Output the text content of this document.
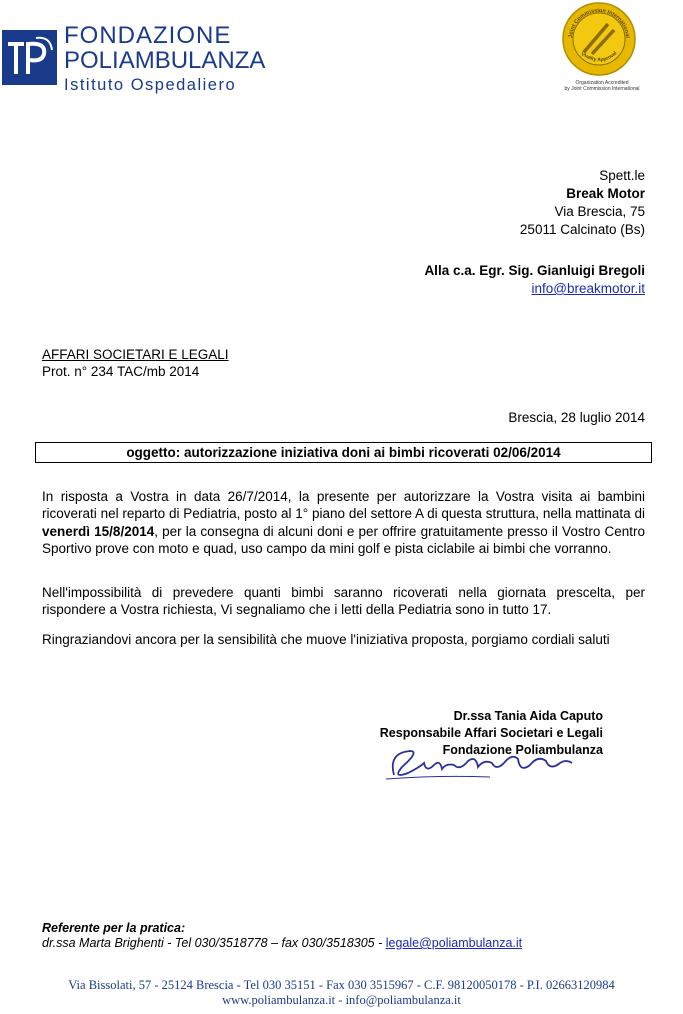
FONDAZIONE
POLIAMBULANZA
Istituto Ospedaliero
Joint Commission International
Quality Approval
Organization Accredited
by Joint Commission International
Spett.le
Break Motor
Via Brescia, 75
25011 Calcinato (Bs)
Alla c.a. Egr. Sig. Gianluigi Bregoli
info@breakmotor.it
AFFARI SOCIETARI E LEGALI
Prot. n° 234 TAC/mb 2014
Brescia, 28 luglio 2014
oggetto: autorizzazione iniziativa doni ai bimbi ricoverati 02/06/2014
In risposta a Vostra in data 26/7/2014, la presente per autorizzare la Vostra visita ai bambini ricoverati nel reparto di Pediatria, posto al 1° piano del settore A di questa struttura, nella mattinata di venerdì 15/8/2014, per la consegna di alcuni doni e per offrire gratuitamente presso il Vostro Centro Sportivo prove con moto e quad, uso campo da mini golf e pista ciclabile ai bimbi che vorranno.
Nell'impossibilità di prevedere quanti bimbi saranno ricoverati nella giornata prescelta, per rispondere a Vostra richiesta, Vi segnaliamo che i letti della Pediatria sono in tutto 17.
Ringraziandovi ancora per la sensibilità che muove l'iniziativa proposta, porgiamo cordiali saluti
Dr.ssa Tania Aida Caputo
Responsabile Affari Societari e Legali
Fondazione Poliambulanza
Referente per la pratica:
dr.ssa Marta Brighenti - Tel 030/3518778 – fax 030/3518305 - legale@poliambulanza.it
Via Bissolati, 57 - 25124 Brescia - Tel 030 35151 - Fax 030 3515967 - C.F. 98120050178 - P.I. 02663120984
www.poliambulanza.it - info@poliambulanza.it
